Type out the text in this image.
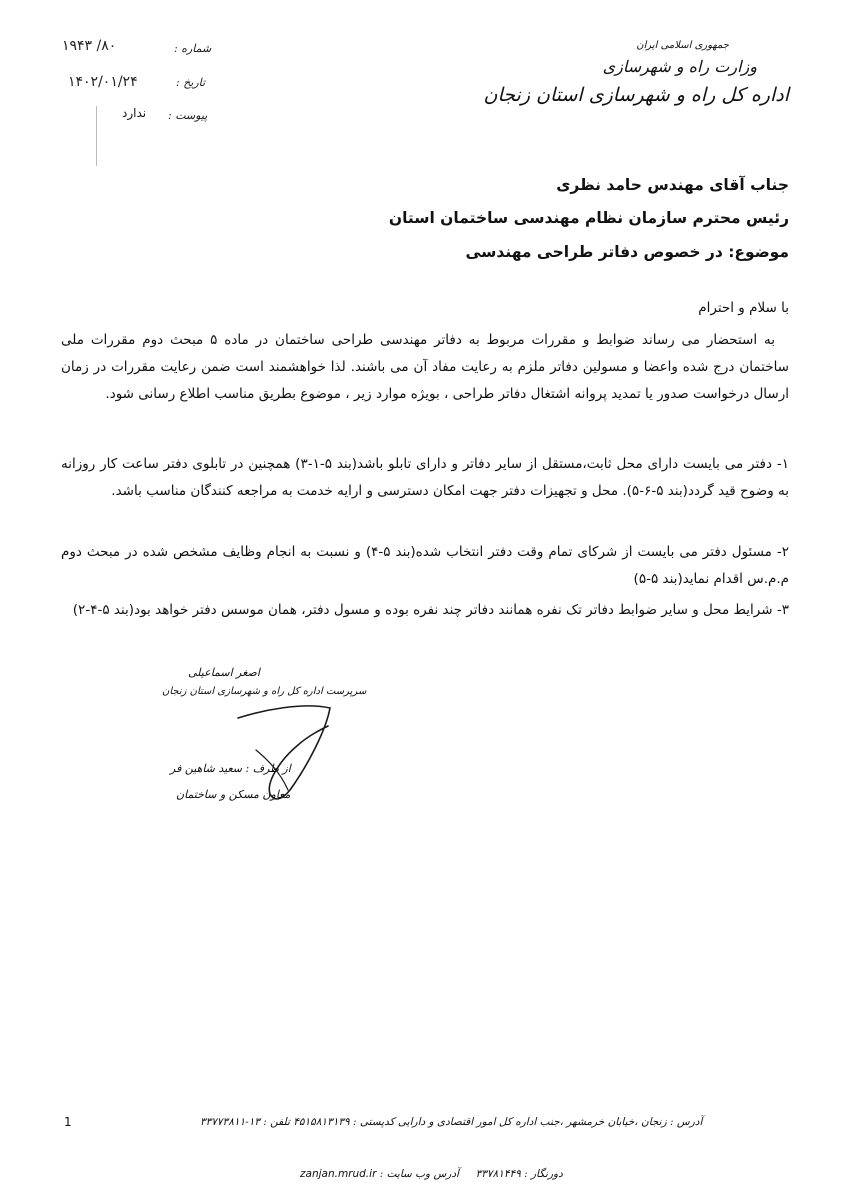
۸۰/ ۱۹۴۳	شماره :
۱۴۰۲/۰۱/۲۴	تاریخ :
ندارد پیوست :
جمهوری اسلامی ایران
وزارت راه و شهرسازی
اداره کل راه و شهرسازی استان زنجان
جناب آقای مهندس حامد نظری
رئیس محترم سازمان نظام مهندسی ساختمان استان
موضوع: در خصوص دفاتر طراحی مهندسی
با سلام و احترام
به استحضار می رساند ضوابط و مقررات مربوط به دفاتر مهندسی طراحی ساختمان در ماده ۵ مبحث دوم مقررات ملی ساختمان درج شده واعضا و مسولین دفاتر ملزم به رعایت مفاد آن می باشند. لذا خواهشمند است ضمن رعایت مقررات در زمان ارسال درخواست صدور یا تمدید پروانه اشتغال دفاتر طراحی ، بویژه موارد زیر ، موضوع بطریق مناسب اطلاع رسانی شود.
۱- دفتر می بایست دارای محل ثابت،مستقل از سایر دفاتر و دارای تابلو باشد(بند ۵-۱-۳) همچنین در تابلوی دفتر ساعت کار روزانه به وضوح قید گردد(بند ۵-۶-۵). محل و تجهیزات دفتر جهت امکان دسترسی و ارایه خدمت به مراجعه کنندگان مناسب باشد.
۲- مسئول دفتر می بایست از شرکای تمام وقت دفتر انتخاب شده(بند ۵-۴) و نسبت به انجام وظایف مشخص شده در مبحث دوم م.م.س اقدام نماید(بند ۵-۵)
۳- شرایط محل و سایر ضوابط دفاتر تک نفره همانند دفاتر چند نفره بوده و مسول دفتر، همان موسس دفتر خواهد بود(بند ۵-۴-۲)
اصغر اسماعیلی
سرپرست اداره کل راه و شهرسازی استان زنجان
از طرف : سعید شاهین فر
معاون مسکن و ساختمان
1	آدرس : زنجان ،خیابان خرمشهر ،جنب اداره کل امور اقتصادی و دارایی کدپستی : ۴۵۱۵۸۱۳۱۳۹ تلفن : ۱۳-۳۳۷۷۳۸۱۱
دورنگار : ۳۳۷۸۱۴۴۹  آدرس وب سایت : zanjan.mrud.ir
